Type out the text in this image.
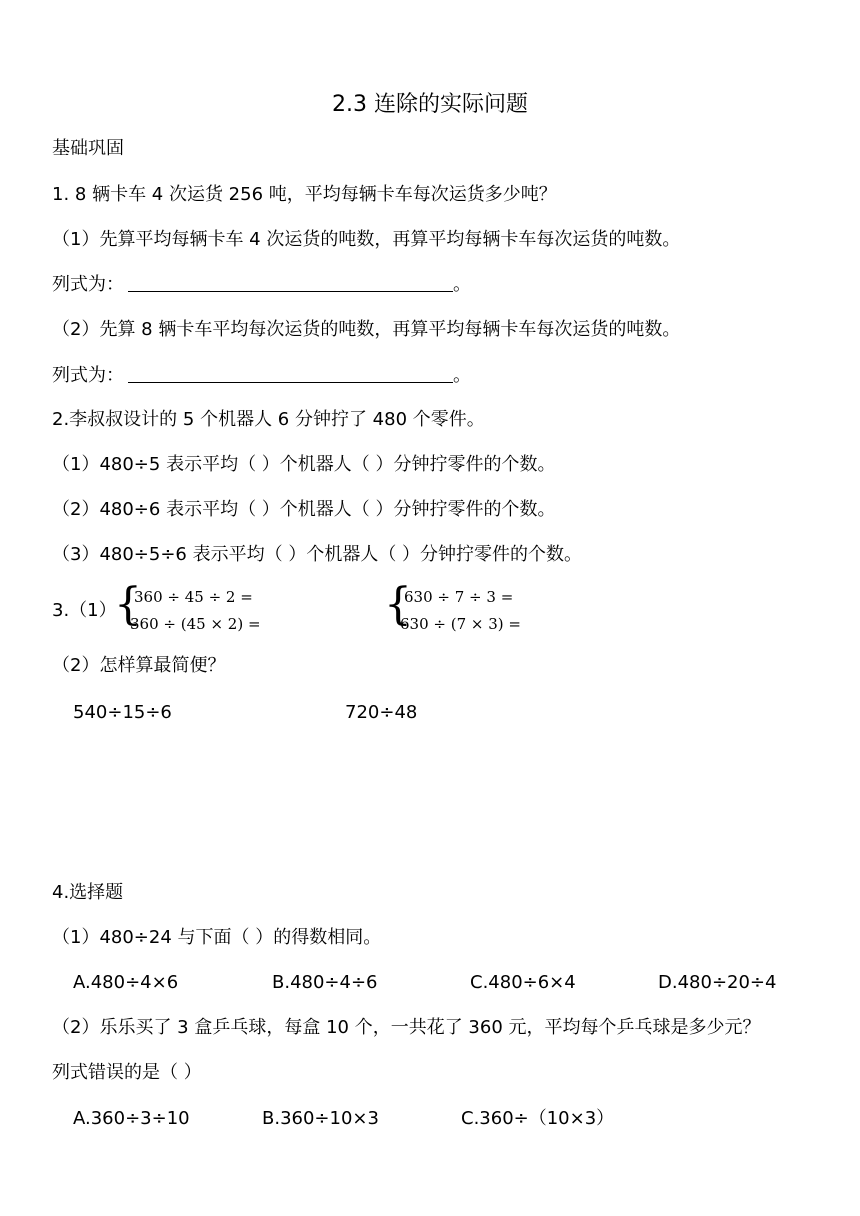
2.3 连除的实际问题
基础巩固
1. 8 辆卡车 4 次运货 256 吨，平均每辆卡车每次运货多少吨？
（1）先算平均每辆卡车 4 次运货的吨数，再算平均每辆卡车每次运货的吨数。
列式为：	。
（2）先算 8 辆卡车平均每次运货的吨数，再算平均每辆卡车每次运货的吨数。
列式为：	。
2.李叔叔设计的 5 个机器人 6 分钟拧了 480 个零件。
（1）480÷5 表示平均（ ）个机器人（ ）分钟拧零件的个数。
（2）480÷6 表示平均（ ）个机器人（ ）分钟拧零件的个数。
（3）480÷5÷6 表示平均（ ）个机器人（ ）分钟拧零件的个数。
3.（1）
{
360 ÷ 45 ÷ 2 =
360 ÷ (45 × 2) =	{
630 ÷ 7 ÷ 3 =
630 ÷ (7 × 3) =
（2）怎样算最简便？
540÷15÷6	720÷48
4.选择题
（1）480÷24 与下面（ ）的得数相同。
A.480÷4×6	B.480÷4÷6	C.480÷6×4	D.480÷20÷4
（2）乐乐买了 3 盒乒乓球，每盒 10 个，一共花了 360 元，平均每个乒乓球是多少元？
列式错误的是（ ）
A.360÷3÷10	B.360÷10×3	C.360÷（10×3）
